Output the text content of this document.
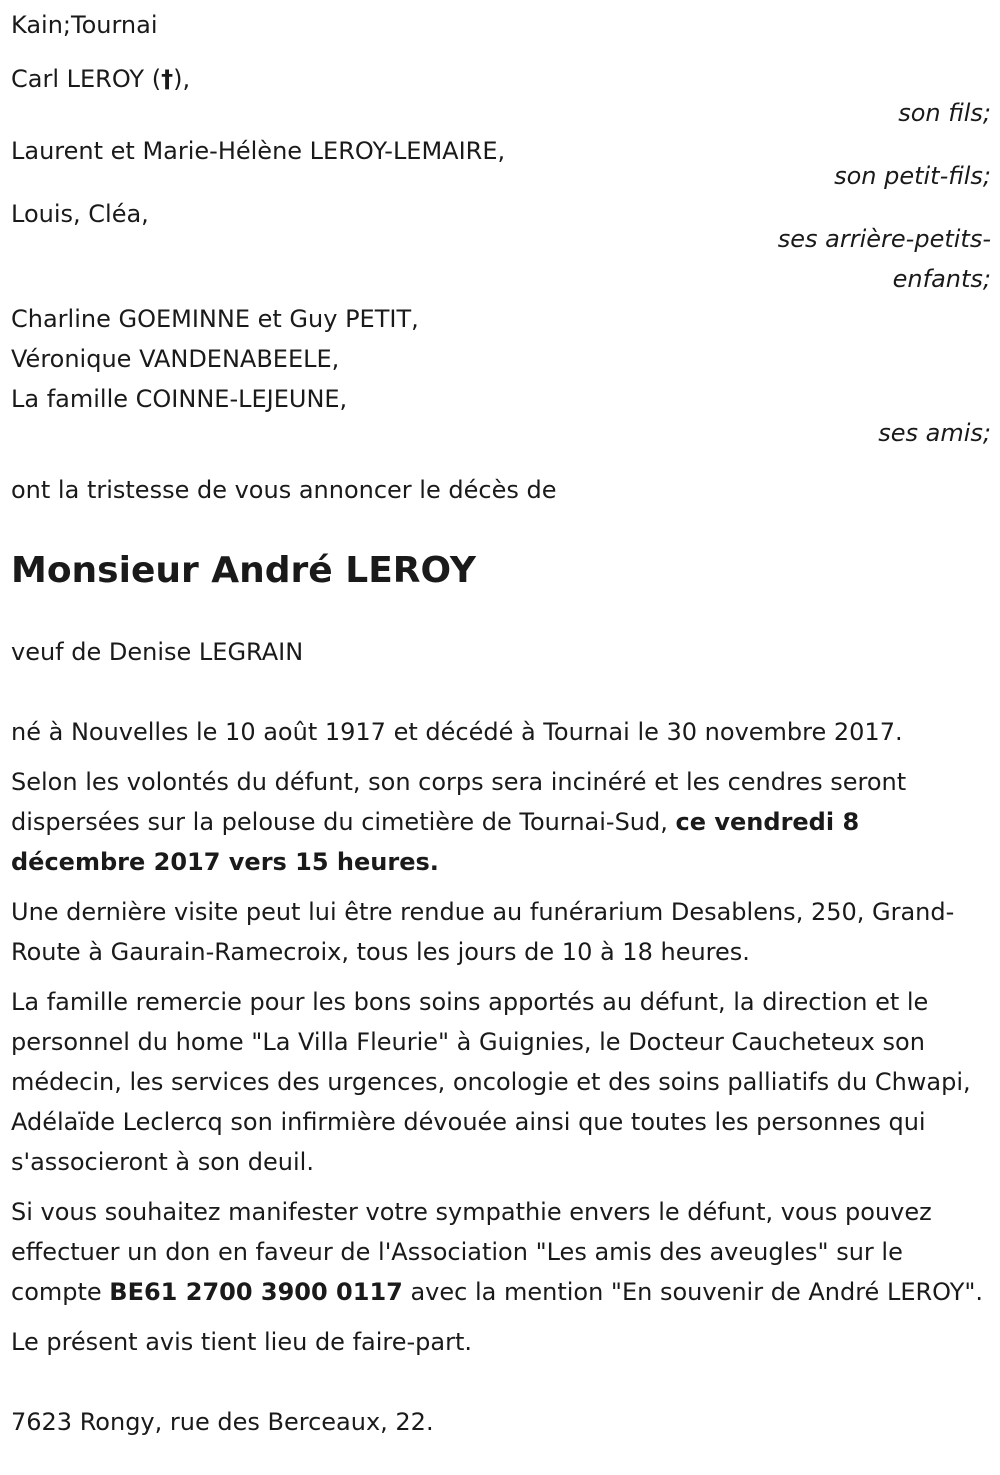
Kain;Tournai
Carl LEROY (†),
son fils;
Laurent et Marie-Hélène LEROY-LEMAIRE,
son petit-fils;
Louis, Cléa,
ses arrière-petits-
enfants;
Charline GOEMINNE et Guy PETIT,
Véronique VANDENABEELE,
La famille COINNE-LEJEUNE,
ses amis;
ont la tristesse de vous annoncer le décès de
Monsieur André LEROY
veuf de Denise LEGRAIN
né à Nouvelles le 10 août 1917 et décédé à Tournai le 30 novembre 2017.
Selon les volontés du défunt, son corps sera incinéré et les cendres seront dispersées sur la pelouse du cimetière de Tournai-Sud, ce vendredi 8 décembre 2017 vers 15 heures.
Une dernière visite peut lui être rendue au funérarium Desablens, 250, Grand-Route à Gaurain-Ramecroix, tous les jours de 10 à 18 heures.
La famille remercie pour les bons soins apportés au défunt, la direction et le personnel du home "La Villa Fleurie" à Guignies, le Docteur Caucheteux son médecin, les services des urgences, oncologie et des soins palliatifs du Chwapi, Adélaïde Leclercq son infirmière dévouée ainsi que toutes les personnes qui s'associeront à son deuil.
Si vous souhaitez manifester votre sympathie envers le défunt, vous pouvez effectuer un don en faveur de l'Association "Les amis des aveugles" sur le compte BE61 2700 3900 0117 avec la mention "En souvenir de André LEROY".
Le présent avis tient lieu de faire-part.
7623 Rongy, rue des Berceaux, 22.
